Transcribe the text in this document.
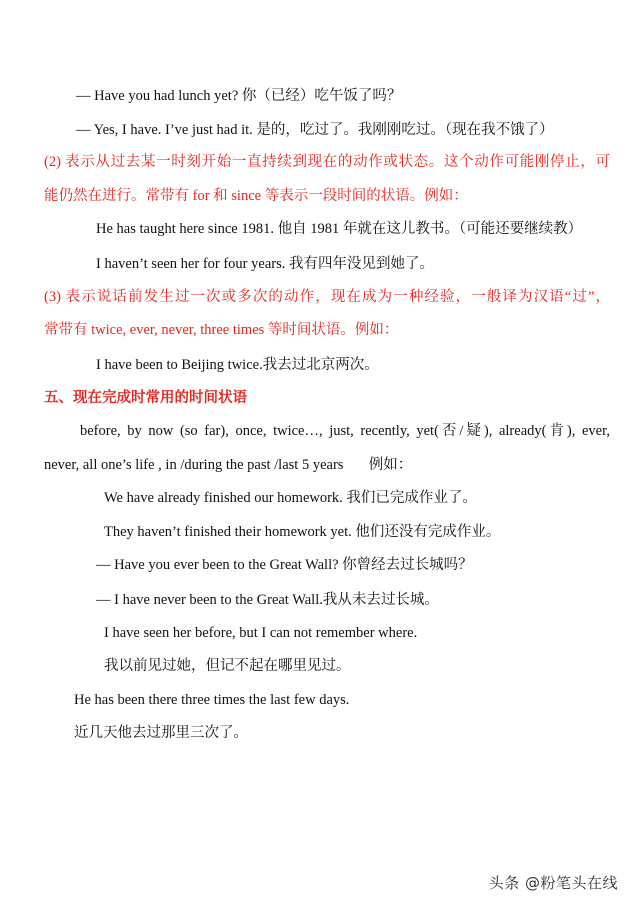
— Have you had lunch yet? 你（已经）吃午饭了吗？
— Yes, I have. I’ve just had it. 是的，吃过了。我刚刚吃过。（现在我不饿了）
(2) 表示从过去某一时刻开始一直持续到现在的动作或状态。这个动作可能刚停止，可
能仍然在进行。常带有 for 和 since 等表示一段时间的状语。例如：
He has taught here since 1981. 他自 1981 年就在这儿教书。（可能还要继续教）
I haven’t seen her for four years. 我有四年没见到她了。
(3) 表示说话前发生过一次或多次的动作，现在成为一种经验，一般译为汉语“过”，
常带有 twice, ever, never, three times 等时间状语。例如：
I have been to Beijing twice.我去过北京两次。
五、现在完成时常用的时间状语
before, by now (so far), once, twice…, just, recently, yet(否/疑), already(肯), ever,
never, all one’s life , in /during the past /last 5 years       例如：
We have already finished our homework. 我们已完成作业了。
They haven’t finished their homework yet. 他们还没有完成作业。
— Have you ever been to the Great Wall? 你曾经去过长城吗？
— I have never been to the Great Wall.我从未去过长城。
I have seen her before, but I can not remember where.
我以前见过她，但记不起在哪里见过。
He has been there three times the last few days.
近几天他去过那里三次了。
头条 @粉笔头在线
